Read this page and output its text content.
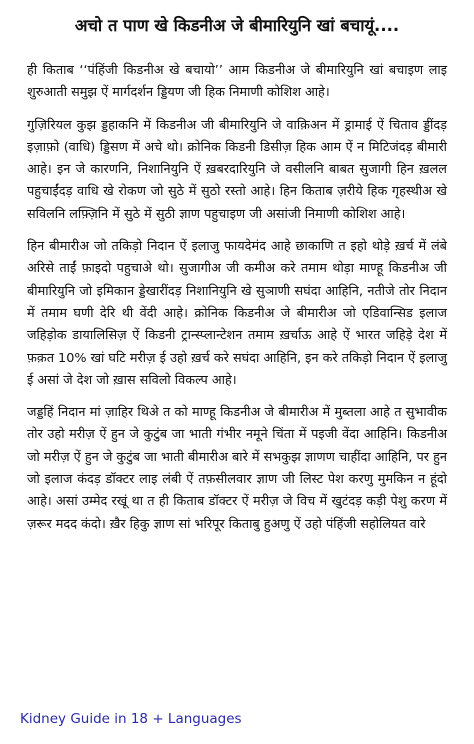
अचो त पाण खे किडनीअ जे बीमारियुनि खां बचायूं....

ही किताब ‘‘पंहिंजी किडनीअ खे बचायो’’ आम किडनीअ जे बीमारियुनि खां बचाइण लाइ शुरुआती समुझ ऐं मार्गदर्शन ड्डियण जी हिक निमाणी कोशिश आहे।

गुज़िरियल कुझ ड्डहाकनि में किडनीअ जी बीमारियुनि जे वाक़िअन में ड्रामाई ऐं चिताव ड्डींदड़ इज़ाफ़ो (वाधि) ड्डिसण में अचे थो। क्रोनिक किडनी डिसीज़ हिक आम ऐं न मिटिजंदड़ बीमारी आहे। इन जे कारणनि, निशानियुनि ऐं ख़बरदारियुनि जे वसीलनि बाबत सुजागी हिन ख़लल पहुचाईंदड़ वाधि खे रोकण जो सुठे में सुठो रस्तो आहे। हिन किताब ज़रीये हिक गृहस्थीअ खे सविलनि लफ़्ज़िनि में सुठे में सुठी ज्ञाण पहुचाइण जी असांजी निमाणी कोशिश आहे।

हिन बीमारीअ जो तकिड़ो निदान ऐं इलाजु फायदेमंद आहे छाकाणि त इहो थोड़े ख़र्च में लंबे अरिसे ताईं फ़ाइदो पहुचाअे थो। सुजागीअ जी कमीअ करे तमाम थोड़ा माण्हू किडनीअ जी बीमारियुनि जो इमिकान ड्डेखारींदड़ निशानियुनि खे सुञाणी सघंदा आहिनि, नतीजे तोर निदान में तमाम घणी देरि थी वेंदी आहे। क्रोनिक किडनीअ जे बीमारीअ जो एडिवान्सिड इलाज जहिड़ोक डायालिसिज़ ऐं किडनी ट्रान्स्प्लान्टेशन तमाम ख़र्चाऊ आहे ऐं भारत जहिड़े देश में फ़क़त 10% खां घटि मरीज़ ई उहो ख़र्च करे सघंदा आहिनि, इन करे तकिड़ो निदान ऐं इलाजु ई असां जे देश जो ख़ास सविलो विकल्प आहे।

जड्डहिं निदान मां ज़ाहिर थिअे त को माण्हू किडनीअ जे बीमारीअ में मुब्तला आहे त सुभावीक तोर उहो मरीज़ ऐं हुन जे कुटुंब जा भाती गंभीर नमूने चिंता में पइजी वेंदा आहिनि। किडनीअ जो मरीज़ ऐं हुन जे कुटुंब जा भाती बीमारीअ बारे में सभकुझ ज्ञाणण चाहींदा आहिनि, पर हुन जो इलाज कंदड़ डॉक्टर लाइ लंबी ऐं तफ़सीलवार ज्ञाण जी लिस्ट पेश करणु मुमकिन न हूंदो आहे। असां उम्मेद रखूं था त ही किताब डॉक्टर ऐं मरीज़ जे विच में खुटंदड़ कड़ी पेशु करण में ज़रूर मदद कंदो। ख़ैर हिकु ज्ञाण सां भरिपूर किताबु हुअणु ऐं उहो पंहिंजी सहोलियत वारे

Kidney Guide in 18 + Languages
